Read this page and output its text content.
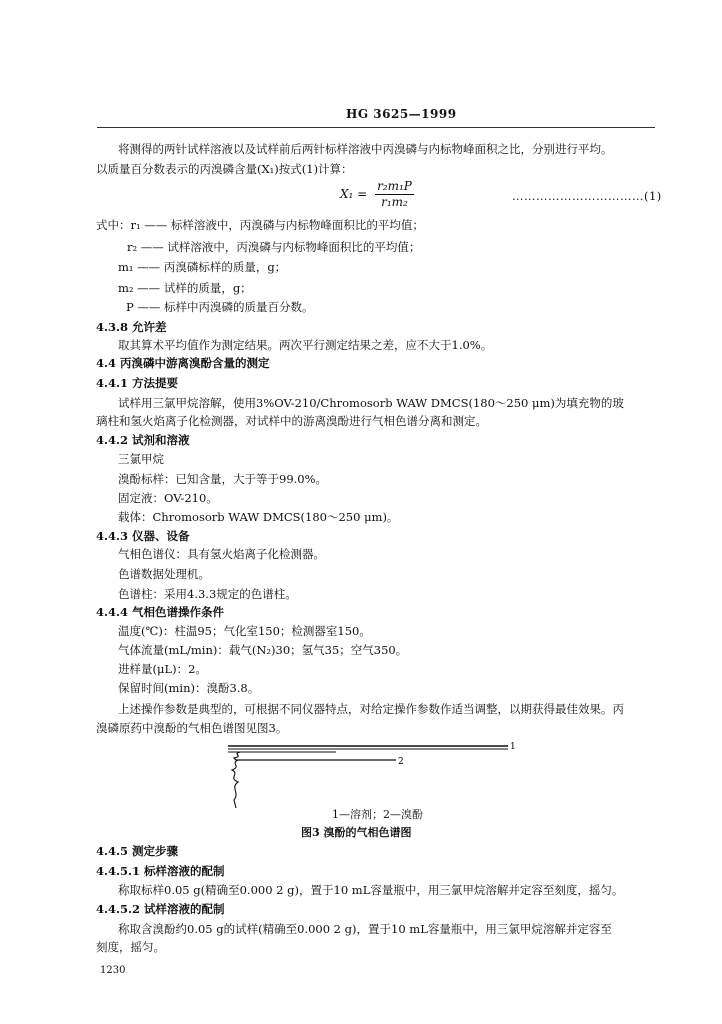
HG 3625—1999
将测得的两针试样溶液以及试样前后两针标样溶液中丙溴磷与内标物峰面积之比，分别进行平均。
以质量百分数表示的丙溴磷含量(X₁)按式(1)计算：
$X_1 = \frac{\text{r₂m₁P}}{\text{r₁m₂}}$	……………………………(1)
式中：r₁ —— 标样溶液中，丙溴磷与内标物峰面积比的平均值；
r₂ —— 试样溶液中，丙溴磷与内标物峰面积比的平均值；
m₁ —— 丙溴磷标样的质量，g；
m₂ —— 试样的质量，g；
P —— 标样中丙溴磷的质量百分数。
4.3.8 允许差
取其算术平均值作为测定结果。两次平行测定结果之差，应不大于1.0%。
4.4 丙溴磷中游离溴酚含量的测定
4.4.1 方法提要
试样用三氯甲烷溶解，使用3%OV-210/Chromosorb WAW DMCS(180～250 μm)为填充物的玻
璃柱和氢火焰离子化检测器，对试样中的游离溴酚进行气相色谱分离和测定。
4.4.2 试剂和溶液
三氯甲烷
溴酚标样：已知含量，大于等于99.0%。
固定液：OV-210。
载体：Chromosorb WAW DMCS(180～250 μm)。
4.4.3 仪器、设备
气相色谱仪：具有氢火焰离子化检测器。
色谱数据处理机。
色谱柱：采用4.3.3规定的色谱柱。
4.4.4 气相色谱操作条件
温度(℃)：柱温95；气化室150；检测器室150。
气体流量(mL/min)：载气(N₂)30；氢气35；空气350。
进样量(μL)：2。
保留时间(min)：溴酚3.8。
上述操作参数是典型的，可根据不同仪器特点，对给定操作参数作适当调整，以期获得最佳效果。丙
溴磷原药中溴酚的气相色谱图见图3。
1
2
1—溶剂；2—溴酚
图3 溴酚的气相色谱图
4.4.5 测定步骤
4.4.5.1 标样溶液的配制
称取标样0.05 g(精确至0.000 2 g)，置于10 mL容量瓶中，用三氯甲烷溶解并定容至刻度，摇匀。
4.4.5.2 试样溶液的配制
称取含溴酚约0.05 g的试样(精确至0.000 2 g)，置于10 mL容量瓶中，用三氯甲烷溶解并定容至
刻度，摇匀。
1230
